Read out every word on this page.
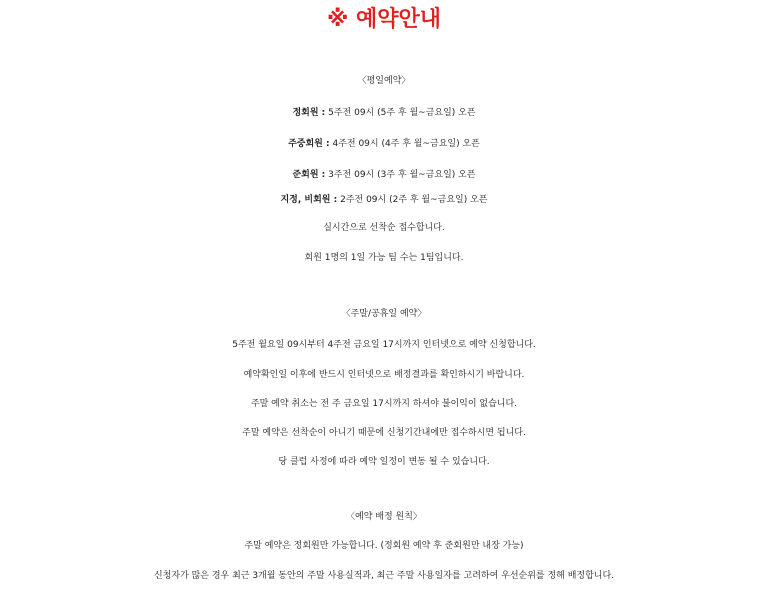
※ 예약안내
〈평일예약〉
정회원 : 5주전 09시 (5주 후 월~금요일) 오픈
주중회원 : 4주전 09시 (4주 후 월~금요일) 오픈
준회원 : 3주전 09시 (3주 후 월~금요일) 오픈
지정, 비회원 : 2주전 09시 (2주 후 월~금요일) 오픈
실시간으로 선착순 접수합니다.
회원 1명의 1일 가능 팀 수는 1팀입니다.
〈주말/공휴일 예약〉
5주전 월요일 09시부터 4주전 금요일 17시까지 인터넷으로 예약 신청합니다.
예약확인일 이후에 반드시 인터넷으로 배정결과를 확인하시기 바랍니다.
주말 예약 취소는 전 주 금요일 17시까지 하셔야 불이익이 없습니다.
주말 예약은 선착순이 아니기 때문에 신청기간내에만 접수하시면 됩니다.
당 클럽 사정에 따라 예약 일정이 변동 될 수 있습니다.
〈예약 배정 원칙〉
주말 예약은 정회원만 가능합니다. (정회원 예약 후 준회원만 내장 가능)
신청자가 많은 경우 최근 3개월 동안의 주말 사용실적과, 최근 주말 사용일자를 고려하여 우선순위를 정해 배정합니다.
